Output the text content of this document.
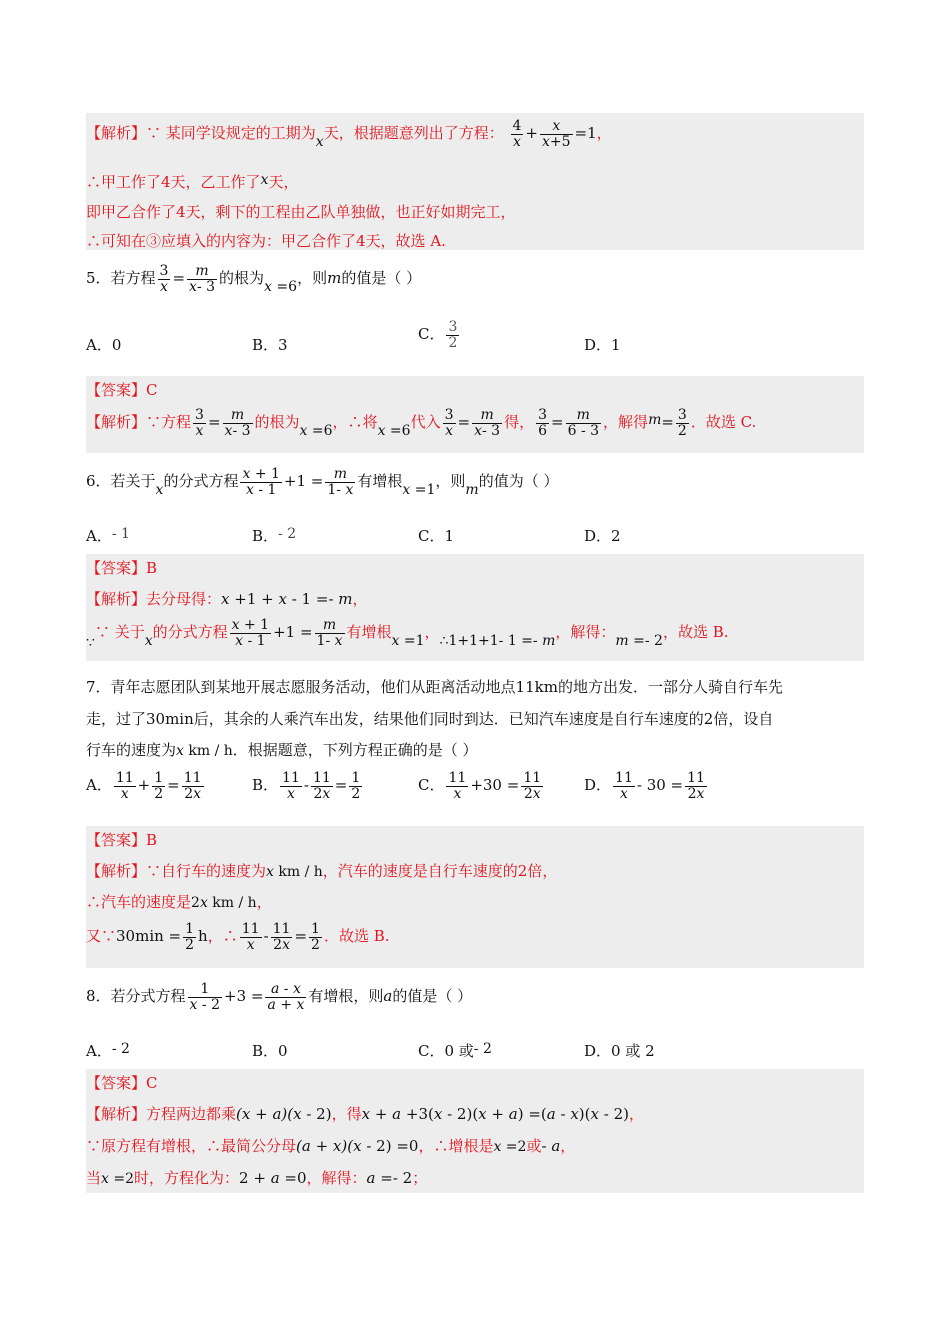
【解析】∵ 某同学设规定的工期为x天，根据题意列出了方程： $\frac{4}{x} + \frac{x}{x+5} =1$，
∴甲工作了4天，乙工作了x天，
即甲乙合作了4天，剩下的工程由乙队单独做，也正好如期完工，
∴可知在③应填入的内容为：甲乙合作了4天，故选 A.
5．若方程 $\frac{3}{x} = \frac{m}{x- 3}$ 的根为x =6，则m的值是（ ）
A．0	B．3
C． $\frac{3}{2}$	D．1
【答案】C
【解析】∵方程 $\frac{3}{x} = \frac{m}{x- 3}$ 的根为x =6，∴将x =6代入 $\frac{3}{x} = \frac{m}{x- 3}$ 得， $\frac{3}{6} = \frac{m}{6 - 3}$ ，解得$m= \frac{3}{2}$ ．故选 C.
6．若关于x的分式方程 $\frac{x + 1}{x - 1} +1 = \frac{m}{1- x}$ 有增根x =1，则m的值为（ ）
A．- 1	B．- 2	C．1	D．2
【答案】B
【解析】去分母得：x +1 + x - 1 =- m，
∵∵ 关于x的分式方程 $\frac{x + 1}{x - 1} +1 = \frac{m}{1- x}$ 有增根x =1，∴1+1+1- 1 =- m，解得：m =- 2，故选 B.
7．青年志愿团队到某地开展志愿服务活动，他们从距离活动地点11km的地方出发．一部分人骑自行车先
走，过了30min后，其余的人乘汽车出发，结果他们同时到达．已知汽车速度是自行车速度的2倍，设自
行车的速度为x km / h．根据题意，下列方程正确的是（ ）
A． $\frac{11}{x} + \frac{1}{2} = \frac{11}{2x}$	B． $\frac{11}{x} - \frac{11}{2x} = \frac{1}{2}$	C． $\frac{11}{x} +30 = \frac{11}{2x}$	D． $\frac{11}{x} - 30 = \frac{11}{2x}$
【答案】B
【解析】∵自行车的速度为x km / h，汽车的速度是自行车速度的2倍，
∴汽车的速度是2x km / h，
又∵30min = $\frac{1}{2}$ h，∴ $\frac{11}{x} - \frac{11}{2x} = \frac{1}{2}$ ．故选 B.
8．若分式方程 $\frac{1}{x - 2} +3 = \frac{a - x}{a + x}$ 有增根，则a的值是（ ）
A．- 2	B．0	C．0 或- 2	D．0 或 2
【答案】C
【解析】方程两边都乘(x + a)(x - 2)，得x + a +3(x - 2)(x + a) =(a - x)(x - 2)，
∵原方程有增根，∴最简公分母(a + x)(x - 2) =0，∴增根是x =2或- a，
当x =2时，方程化为：2 + a =0，解得：a =- 2；
